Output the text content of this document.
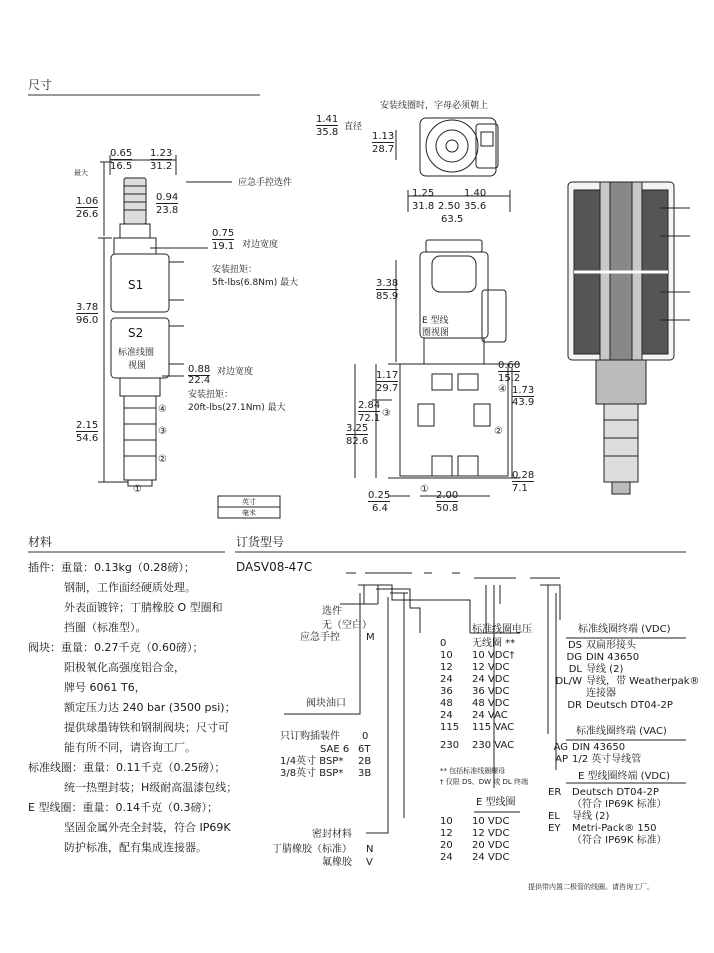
尺寸
材料	订货型号
最大
0.65
16.5
1.23
31.2
应急手控选件
0.94
23.8
1.06
26.6
0.75
19.1 对边宽度
安装扭矩：
5ft-lbs(6.8Nm) 最大
S1
S2
标准线圈
视图
3.78
96.0
0.88
22.4
对边宽度
安装扭矩：
20ft-lbs(27.1Nm) 最大
2.15
54.6
④
③
②
①
安装线圈时，字母必须朝上
1.41
35.8 直径
1.13
28.7
1.25	1.40
31.8 2.50 35.6
63.5
3.38
85.9
E 型线
圈视图
1.17
29.7
0.60
15.2
1.73
43.9
2.84
72.1
3.25
82.6
0.28
7.1
0.25
6.4
2.00
50.8
①
②
③
④
英寸
毫米
插件：重量：0.13kg（0.28磅）；
钢制，工作面经硬质处理。
外表面镀锌；丁腈橡胶 O 型圈和
挡圈（标准型）。
阀块：重量：0.27千克（0.60磅）；
阳极氧化高强度铝合金，
牌号 6061 T6，
额定压力达 240 bar (3500 psi)；
提供球墨铸铁和钢制阀块；尺寸可
能有所不同，请咨询工厂。
标准线圈：重量：0.11千克（0.25磅）；
统一热塑封装；H级耐高温漆包线；
E 型线圈：重量：0.14千克（0.3磅）；
坚固金属外壳全封装，符合 IP69K
防护标准，配有集成连接器。
DASV08-47C
选件
无（空白）
应急手控	M
阀块油口
只订购插装件 0
SAE 6 6T
1/4英寸 BSP* 2B
3/8英寸 BSP* 3B
密封材料
丁腈橡胶（标准） N
氟橡胶 V
标准线圈电压
0	无线圈 **
10 10 VDC†
12 12 VDC
24 24 VDC
36 36 VDC
48 48 VDC
24 24 VAC
115 115 VAC
230 230 VAC
** 包括标准线圈螺母
† 仅限 DS、DW 或 DL 终端
E 型线圈
10 10 VDC
12 12 VDC
20 20 VDC
24 24 VDC
标准线圈终端 (VDC)
DS 双扁形接头
DG DIN 43650
DL 导线 (2)
DL/W 导线，带 Weatherpak®
连接器
DR Deutsch DT04-2P
标准线圈终端 (VAC)
AG DIN 43650
AP 1/2 英寸导线管
E 型线圈终端 (VDC)
ER Deutsch DT04-2P
（符合 IP69K 标准）
EL 导线 (2)
EY Metri-Pack® 150
（符合 IP69K 标准）
提供带内置二极管的线圈。请咨询工厂。
